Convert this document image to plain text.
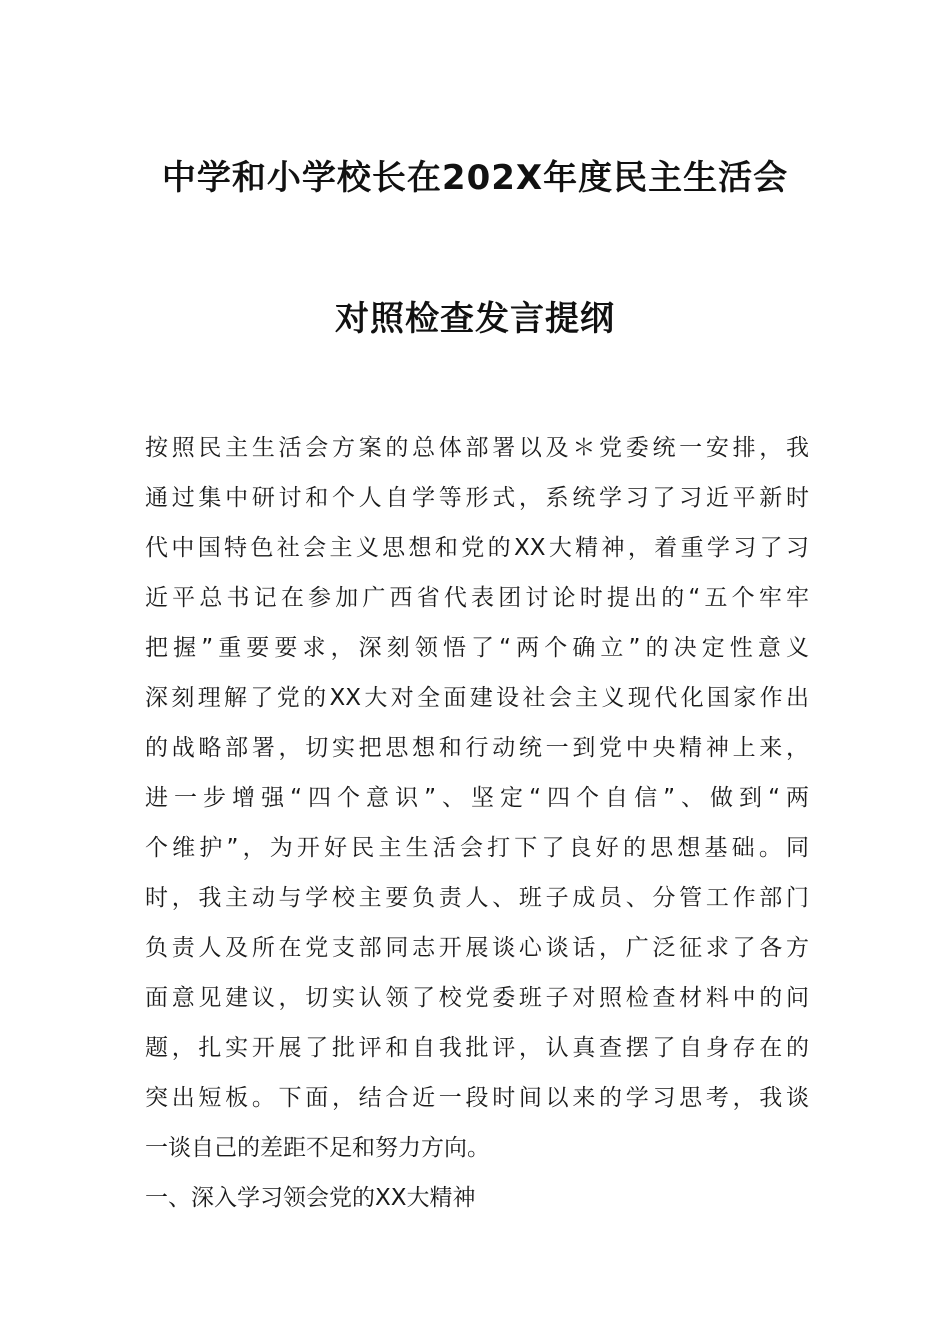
中学和小学校长在202X年度民主生活会
对照检查发言提纲
按照民主生活会方案的总体部署以及＊党委统一安排，我
通过集中研讨和个人自学等形式，系统学习了习近平新时
代中国特色社会主义思想和党的XX大精神，着重学习了习
近平总书记在参加广西省代表团讨论时提出的“五个牢牢
把握”重要要求，深刻领悟了“两个确立”的决定性意义
深刻理解了党的XX大对全面建设社会主义现代化国家作出
的战略部署，切实把思想和行动统一到党中央精神上来，
进一步增强“四个意识”、坚定“四个自信”、做到“两
个维护”，为开好民主生活会打下了良好的思想基础。同
时，我主动与学校主要负责人、班子成员、分管工作部门
负责人及所在党支部同志开展谈心谈话，广泛征求了各方
面意见建议，切实认领了校党委班子对照检查材料中的问
题，扎实开展了批评和自我批评，认真查摆了自身存在的
突出短板。下面，结合近一段时间以来的学习思考，我谈
一谈自己的差距不足和努力方向。
一、深入学习领会党的XX大精神
